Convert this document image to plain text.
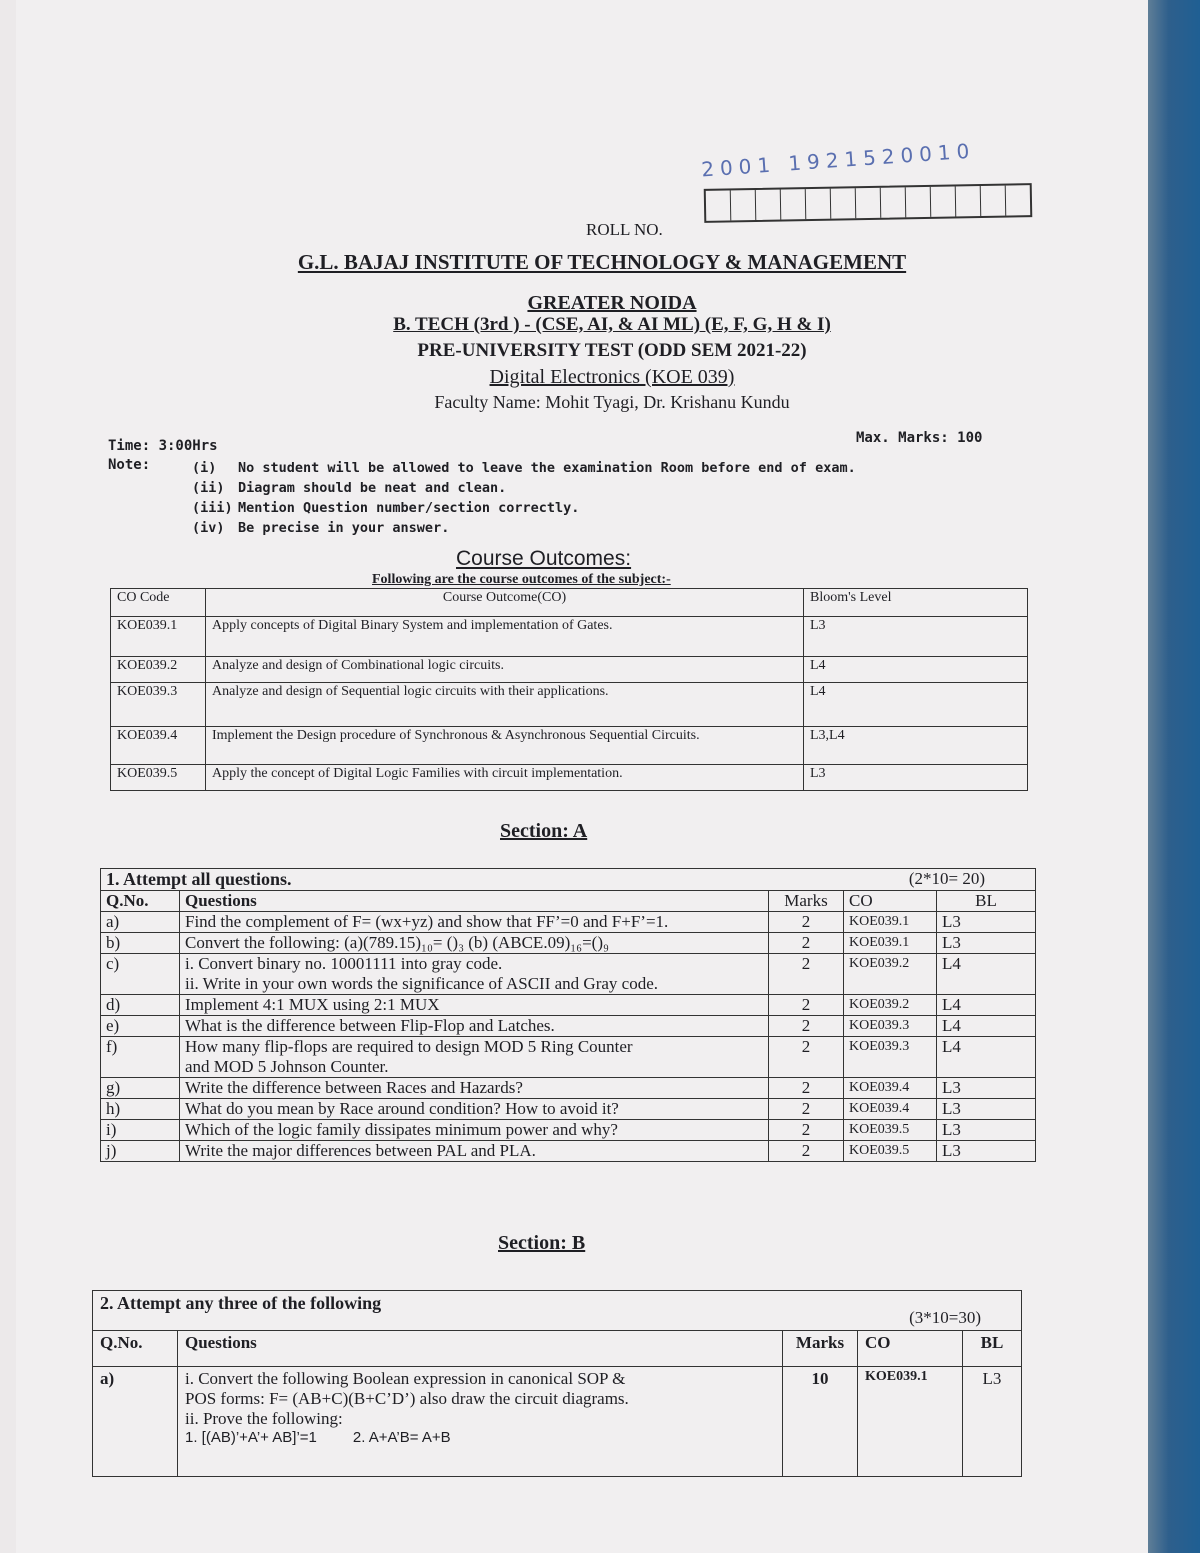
2001 1921520010
ROLL NO.
G.L. BAJAJ INSTITUTE OF TECHNOLOGY & MANAGEMENT
GREATER NOIDA
B. TECH (3rd ) - (CSE, AI, & AI ML) (E, F, G, H & I)
PRE-UNIVERSITY TEST (ODD SEM 2021-22)
Digital Electronics (KOE 039)
Faculty Name: Mohit Tyagi, Dr. Krishanu Kundu
Time: 3:00Hrs	Max. Marks: 100
Note:	(i) No student will be allowed to leave the examination Room before end of exam.
(ii) Diagram should be neat and clean.
(iii) Mention Question number/section correctly.
(iv) Be precise in your answer.
Course Outcomes:
Following are the course outcomes of the subject:-
CO Code	Course Outcome(CO)	Bloom's Level
KOE039.1	Apply concepts of Digital Binary System and implementation of Gates.	L3
KOE039.2	Analyze and design of Combinational logic circuits.	L4
KOE039.3	Analyze and design of Sequential logic circuits with their applications.	L4
KOE039.4	Implement the Design procedure of Synchronous & Asynchronous Sequential Circuits.	L3,L4
KOE039.5	Apply the concept of Digital Logic Families with circuit implementation.	L3
Section: A
1. Attempt all questions.		(2*10= 20)		
Q.No.	Questions	Marks	CO	BL
a)	Find the complement of F= (wx+yz) and show that FF’=0 and F+F’=1.	2	KOE039.1	L3
b)	Convert the following: (a)(789.15)₁₀= ()₃ (b) (ABCE.09)₁₆=()₉	2	KOE039.1	L3
c)	i. Convert binary no. 10001111 into gray code.
ii. Write in your own words the significance of ASCII and Gray code.	2	KOE039.2	L4
d)	Implement 4:1 MUX using 2:1 MUX	2	KOE039.2	L4
e)	What is the difference between Flip-Flop and Latches.	2	KOE039.3	L4
f)	How many flip-flops are required to design MOD 5 Ring Counter
and MOD 5 Johnson Counter.	2	KOE039.3	L4
g)	Write the difference between Races and Hazards?	2	KOE039.4	L3
h)	What do you mean by Race around condition? How to avoid it?	2	KOE039.4	L3
i)	Which of the logic family dissipates minimum power and why?	2	KOE039.5	L3
j)	Write the major differences between PAL and PLA.	2	KOE039.5	L3
Section: B
2. Attempt any three of the following		(3*10=30)		
Q.No.	Questions	Marks	CO	BL
a)	i. Convert the following Boolean expression in canonical SOP &
POS forms: F= (AB+C)(B+C’D’) also draw the circuit diagrams.
ii. Prove the following:
1. [(AB)’+A’+ AB]’=1 2. A+A’B= A+B	10	KOE039.1	L3
